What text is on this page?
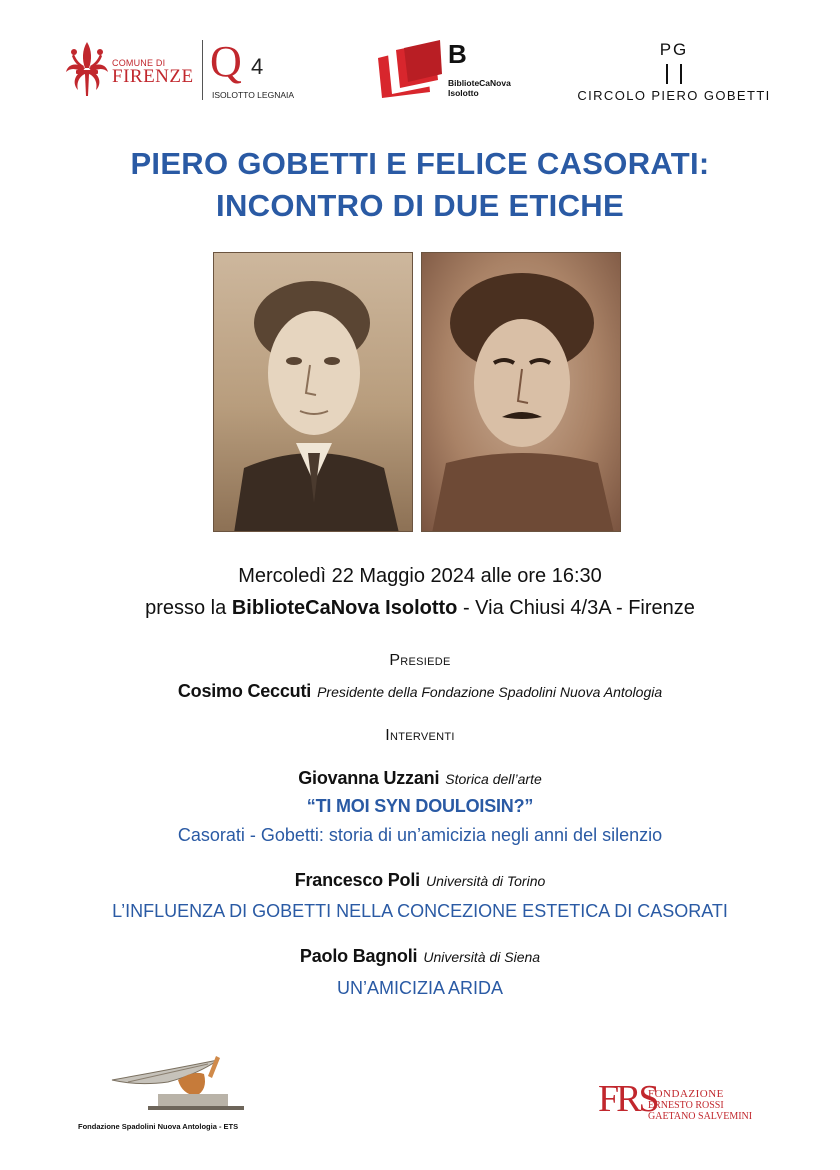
COMUNE DI
FIRENZE Q 4
ISOLOTTO LEGNAIA
B
BiblioteCaNova Isolotto
PG
CIRCOLO PIERO GOBETTI
PIERO GOBETTI E FELICE CASORATI:
INCONTRO DI DUE ETICHE
Mercoledì 22 Maggio 2024 alle ore 16:30
presso la BiblioteCaNova Isolotto - Via Chiusi 4/3A - Firenze
Presiede
Cosimo Ceccuti Presidente della Fondazione Spadolini Nuova Antologia
Interventi
Giovanna Uzzani Storica dell’arte
“TI MOI SYN DOULOISIN?”
Casorati - Gobetti: storia di un’amicizia negli anni del silenzio
Francesco Poli Università di Torino
L’INFLUENZA DI GOBETTI NELLA CONCEZIONE ESTETICA DI CASORATI
Paolo Bagnoli Università di Siena
UN’AMICIZIA ARIDA
Fondazione Spadolini Nuova Antologia - ETS
FRS
FONDAZIONE
ERNESTO ROSSI
GAETANO SALVEMINI
